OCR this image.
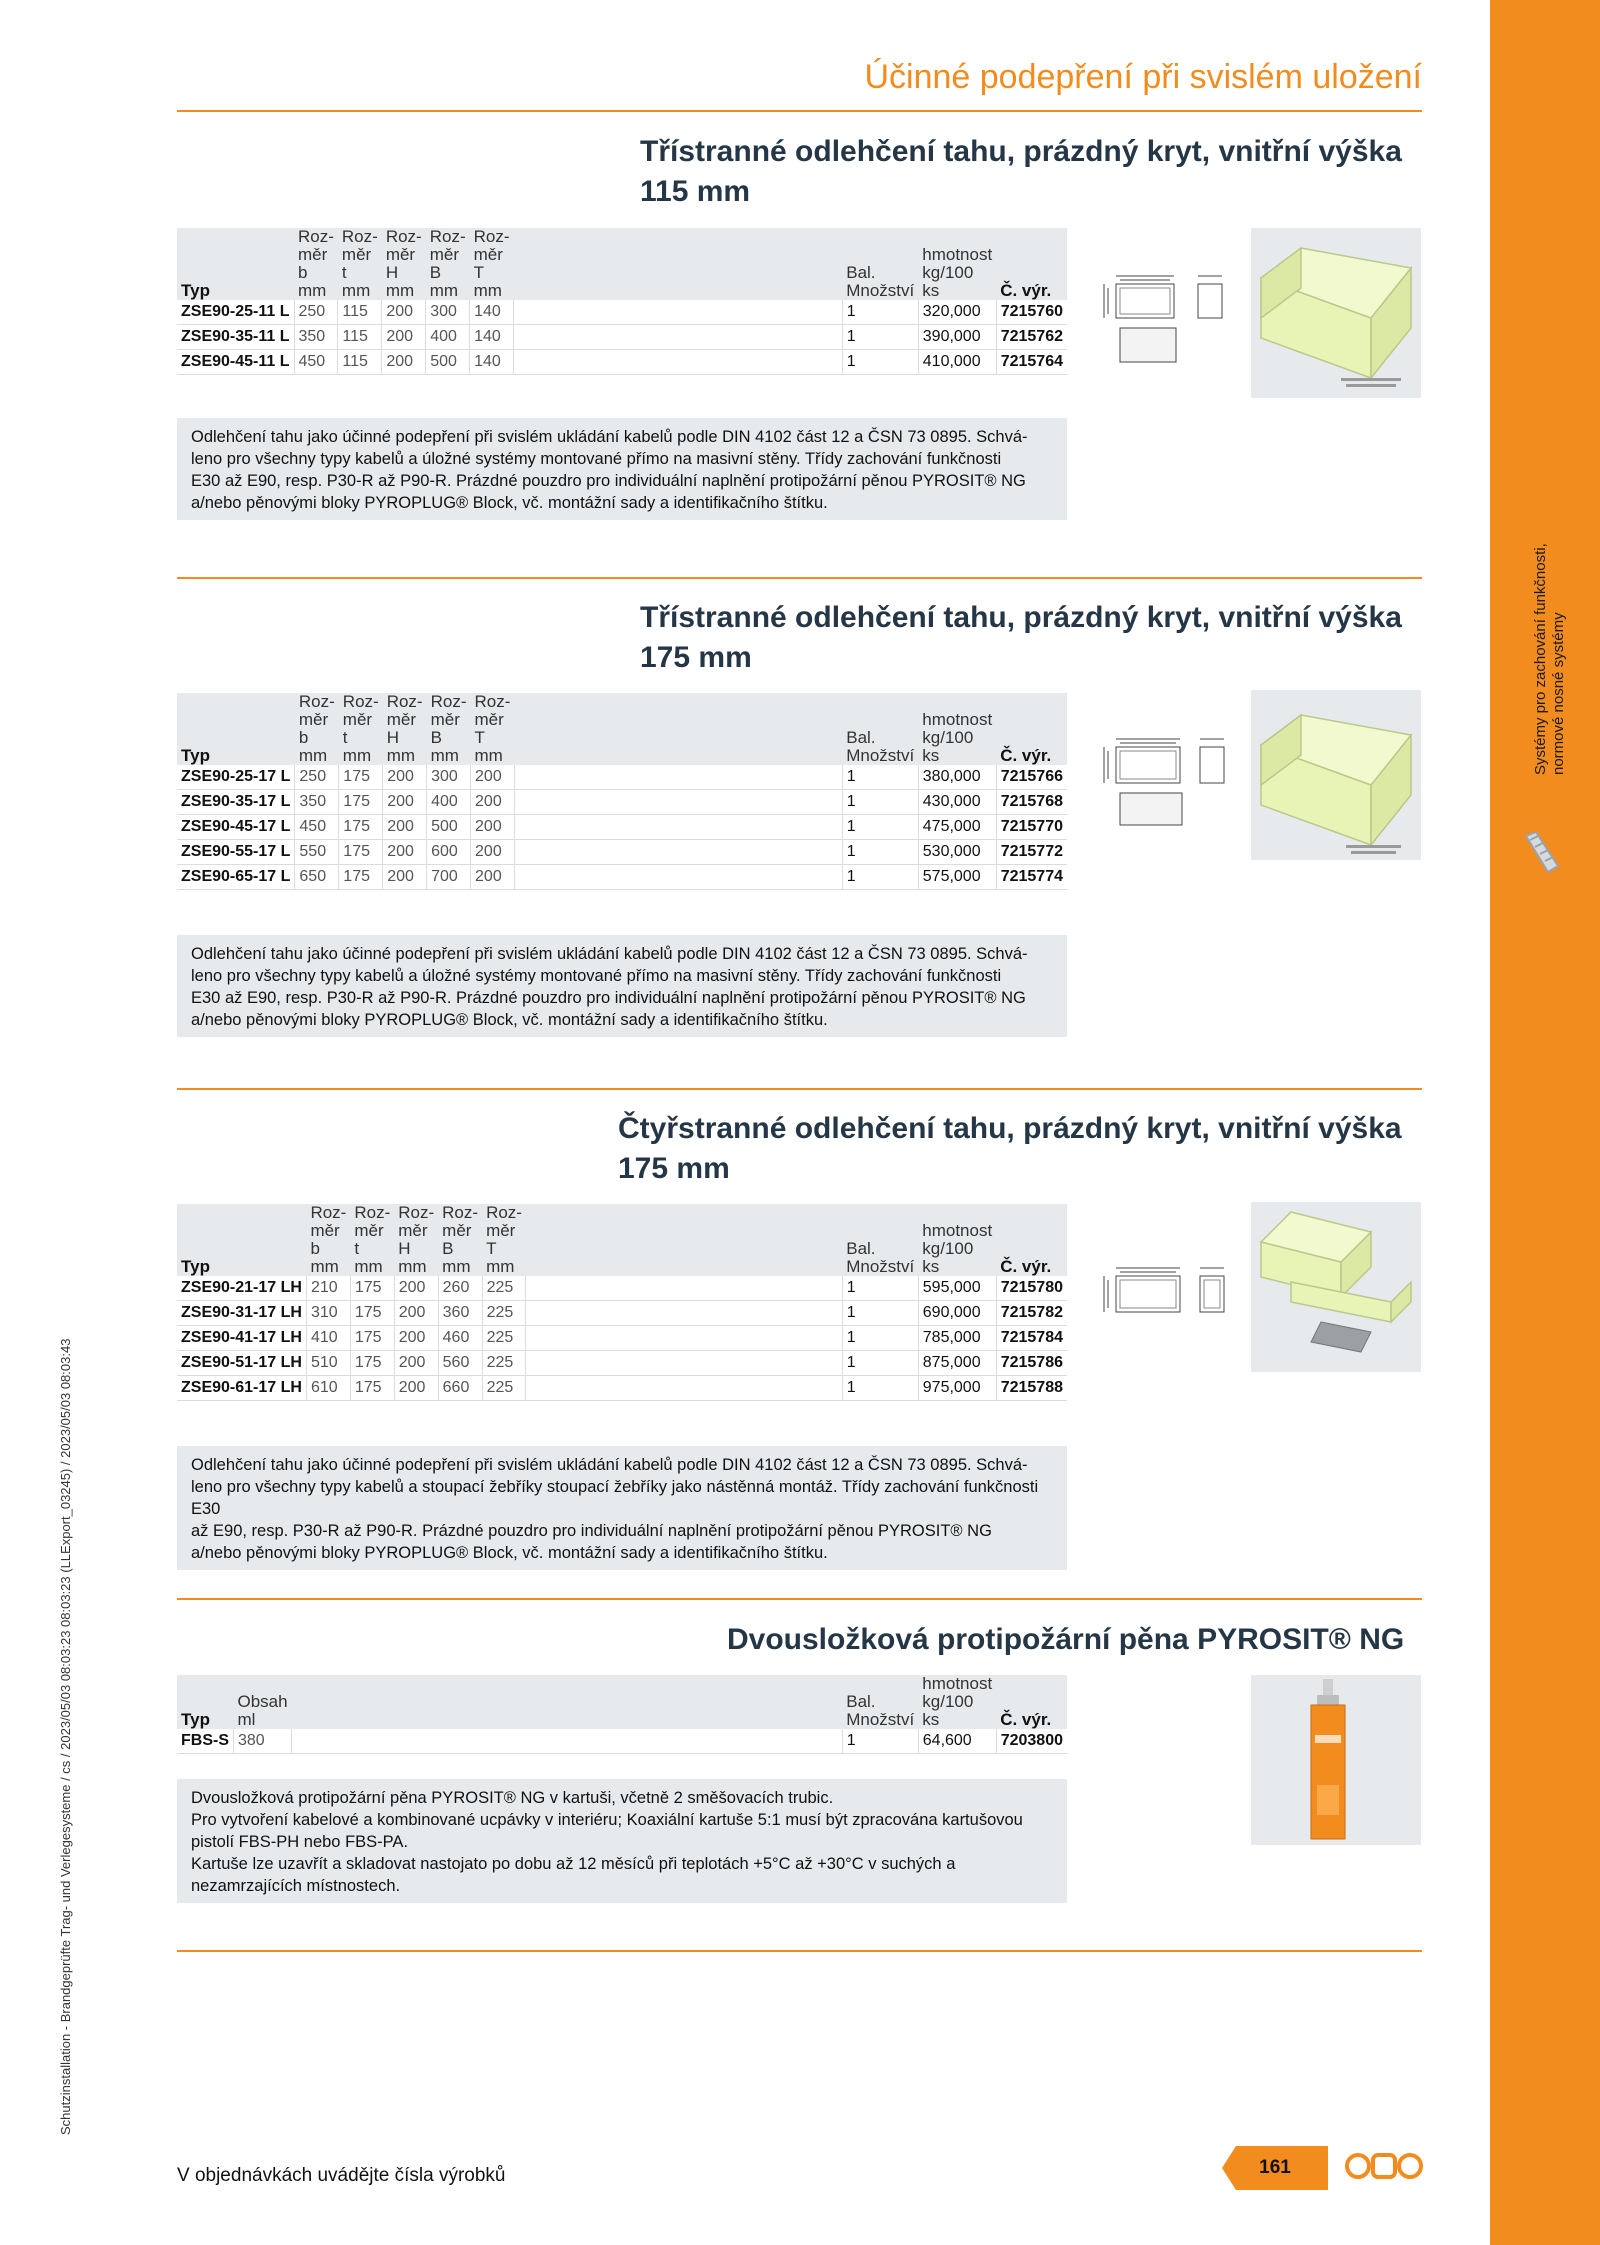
Systémy pro zachování funkčnosti,
normové nosné systémy
Schutzinstallation - Brandgeprüfte Trag- und Verlegesysteme / cs / 2023/05/03 08:03:23 08:03:23 (LLExport_03245) / 2023/05/03 08:03:43
Účinné podepření při svislém uložení
Třístranné odlehčení tahu, prázdný kryt, vnitřní výška
115 mm
Typ	Roz-
měr
b
mm	Roz-
měr
t
mm	Roz-
měr
H
mm	Roz-
měr
B
mm	Roz-
měr
T
mm		Bal.
Množství	hmotnost
kg/100 ks	Č. výr.
ZSE90-25-11 L	250	115	200	300	140		1	320,000	7215760
ZSE90-35-11 L	350	115	200	400	140		1	390,000	7215762
ZSE90-45-11 L	450	115	200	500	140		1	410,000	7215764
Odlehčení tahu jako účinné podepření při svislém ukládání kabelů podle DIN 4102 část 12 a ČSN 73 0895. Schvá-
leno pro všechny typy kabelů a úložné systémy montované přímo na masivní stěny. Třídy zachování funkčnosti
E30 až E90, resp. P30-R až P90-R. Prázdné pouzdro pro individuální naplnění protipožární pěnou PYROSIT® NG
a/nebo pěnovými bloky PYROPLUG® Block, vč. montážní sady a identifikačního štítku.
Třístranné odlehčení tahu, prázdný kryt, vnitřní výška
175 mm
Typ	Roz-
měr
b
mm	Roz-
měr
t
mm	Roz-
měr
H
mm	Roz-
měr
B
mm	Roz-
měr
T
mm		Bal.
Množství	hmotnost
kg/100 ks	Č. výr.
ZSE90-25-17 L	250	175	200	300	200		1	380,000	7215766
ZSE90-35-17 L	350	175	200	400	200		1	430,000	7215768
ZSE90-45-17 L	450	175	200	500	200		1	475,000	7215770
ZSE90-55-17 L	550	175	200	600	200		1	530,000	7215772
ZSE90-65-17 L	650	175	200	700	200		1	575,000	7215774
Odlehčení tahu jako účinné podepření při svislém ukládání kabelů podle DIN 4102 část 12 a ČSN 73 0895. Schvá-
leno pro všechny typy kabelů a úložné systémy montované přímo na masivní stěny. Třídy zachování funkčnosti
E30 až E90, resp. P30-R až P90-R. Prázdné pouzdro pro individuální naplnění protipožární pěnou PYROSIT® NG
a/nebo pěnovými bloky PYROPLUG® Block, vč. montážní sady a identifikačního štítku.
Čtyřstranné odlehčení tahu, prázdný kryt, vnitřní výška
175 mm
Typ	Roz-
měr
b
mm	Roz-
měr
t
mm	Roz-
měr
H
mm	Roz-
měr
B
mm	Roz-
měr
T
mm		Bal.
Množství	hmotnost
kg/100 ks	Č. výr.
ZSE90-21-17 LH	210	175	200	260	225		1	595,000	7215780
ZSE90-31-17 LH	310	175	200	360	225		1	690,000	7215782
ZSE90-41-17 LH	410	175	200	460	225		1	785,000	7215784
ZSE90-51-17 LH	510	175	200	560	225		1	875,000	7215786
ZSE90-61-17 LH	610	175	200	660	225		1	975,000	7215788
Odlehčení tahu jako účinné podepření při svislém ukládání kabelů podle DIN 4102 část 12 a ČSN 73 0895. Schvá-
leno pro všechny typy kabelů a stoupací žebříky stoupací žebříky jako nástěnná montáž. Třídy zachování funkčnosti E30
až E90, resp. P30-R až P90-R. Prázdné pouzdro pro individuální naplnění protipožární pěnou PYROSIT® NG
a/nebo pěnovými bloky PYROPLUG® Block, vč. montážní sady a identifikačního štítku.
Dvousložková protipožární pěna PYROSIT® NG
Typ	Obsah
ml		Bal.
Množství	hmotnost
kg/100 ks	Č. výr.
FBS-S	380		1	64,600	7203800
Dvousložková protipožární pěna PYROSIT® NG v kartuši, včetně 2 směšovacích trubic.
Pro vytvoření kabelové a kombinované ucpávky v interiéru; Koaxiální kartuše 5:1 musí být zpracována kartušovou
pistolí FBS-PH nebo FBS-PA.
Kartuše lze uzavřít a skladovat nastojato po dobu až 12 měsíců při teplotách +5°C až +30°C v suchých a
nezamrzajících místnostech.
V objednávkách uvádějte čísla výrobků	161
